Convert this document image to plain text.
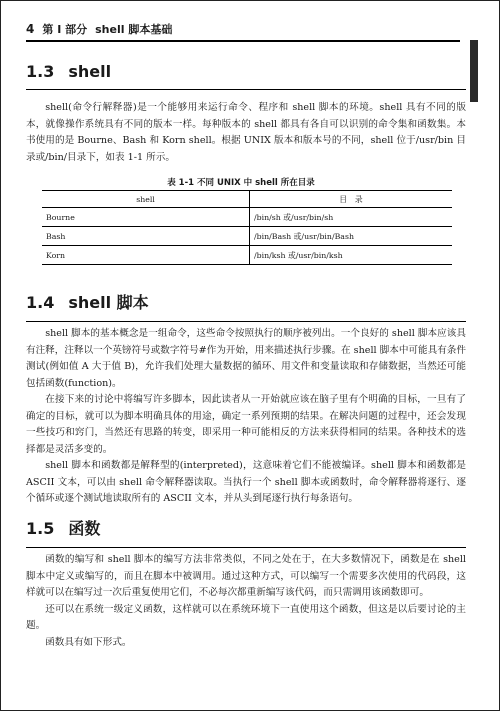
4 第 I 部分 shell 脚本基础
1.3 shell

shell(命令行解释器)是一个能够用来运行命令、程序和 shell 脚本的环境。shell 具有不同的版本，就像操作系统具有不同的版本一样。每种版本的 shell 都具有各自可以识别的命令集和函数集。本书使用的是 Bourne、Bash 和 Korn shell。根据 UNIX 版本和版本号的不同，shell 位于/usr/bin 目录或/bin/目录下，如表 1-1 所示。

表 1-1 不同 UNIX 中 shell 所在目录
shell	目　录
Bourne	/bin/sh 或/usr/bin/sh
Bash	/bin/Bash 或/usr/bin/Bash
Korn	/bin/ksh 或/usr/bin/ksh
1.4 shell 脚本

shell 脚本的基本概念是一组命令，这些命令按照执行的顺序被列出。一个良好的 shell 脚本应该具有注释，注释以一个英镑符号或数字符号#作为开始，用来描述执行步骤。在 shell 脚本中可能具有条件测试(例如值 A 大于值 B)，允许我们处理大量数据的循环、用文件和变量读取和存储数据，当然还可能包括函数(function)。

在接下来的讨论中将编写许多脚本，因此读者从一开始就应该在脑子里有个明确的目标，一旦有了确定的目标，就可以为脚本明确具体的用途，确定一系列预期的结果。在解决问题的过程中，还会发现一些技巧和窍门，当然还有思路的转变，即采用一种可能相反的方法来获得相同的结果。各种技术的选择都是灵活多变的。

shell 脚本和函数都是解释型的(interpreted)，这意味着它们不能被编译。shell 脚本和函数都是 ASCII 文本，可以由 shell 命令解释器读取。当执行一个 shell 脚本或函数时，命令解释器将逐行、逐个循环或逐个测试地读取所有的 ASCII 文本，并从头到尾逐行执行每条语句。

1.5 函数

函数的编写和 shell 脚本的编写方法非常类似，不同之处在于，在大多数情况下，函数是在 shell 脚本中定义或编写的，而且在脚本中被调用。通过这种方式，可以编写一个需要多次使用的代码段，这样就可以在编写过一次后重复使用它们，不必每次都重新编写该代码，而只需调用该函数即可。

还可以在系统一级定义函数，这样就可以在系统环境下一直使用这个函数，但这是以后要讨论的主题。

函数具有如下形式。
